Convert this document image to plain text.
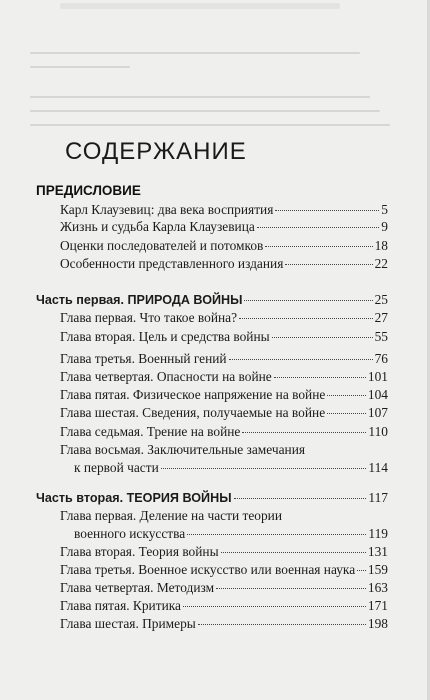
СОДЕРЖАНИЕ
ПРЕДИСЛОВИЕ
Карл Клаузевиц: два века восприятия	5
Жизнь и судьба Карла Клаузевица	9
Оценки последователей и потомков	18
Особенности представленного издания	22
Часть первая. ПРИРОДА ВОЙНЫ	25
Глава первая. Что такое война?	27
Глава вторая. Цель и средства войны	55
Глава третья. Военный гений	76
Глава четвертая. Опасности на войне	101
Глава пятая. Физическое напряжение на войне	104
Глава шестая. Сведения, получаемые на войне	107
Глава седьмая. Трение на войне	110
Глава восьмая. Заключительные замечания
к первой части	114
Часть вторая. ТЕОРИЯ ВОЙНЫ	117
Глава первая. Деление на части теории
военного искусства	119
Глава вторая. Теория войны	131
Глава третья. Военное искусство или военная наука 159
Глава четвертая. Методизм	163
Глава пятая. Критика	171
Глава шестая. Примеры	198
